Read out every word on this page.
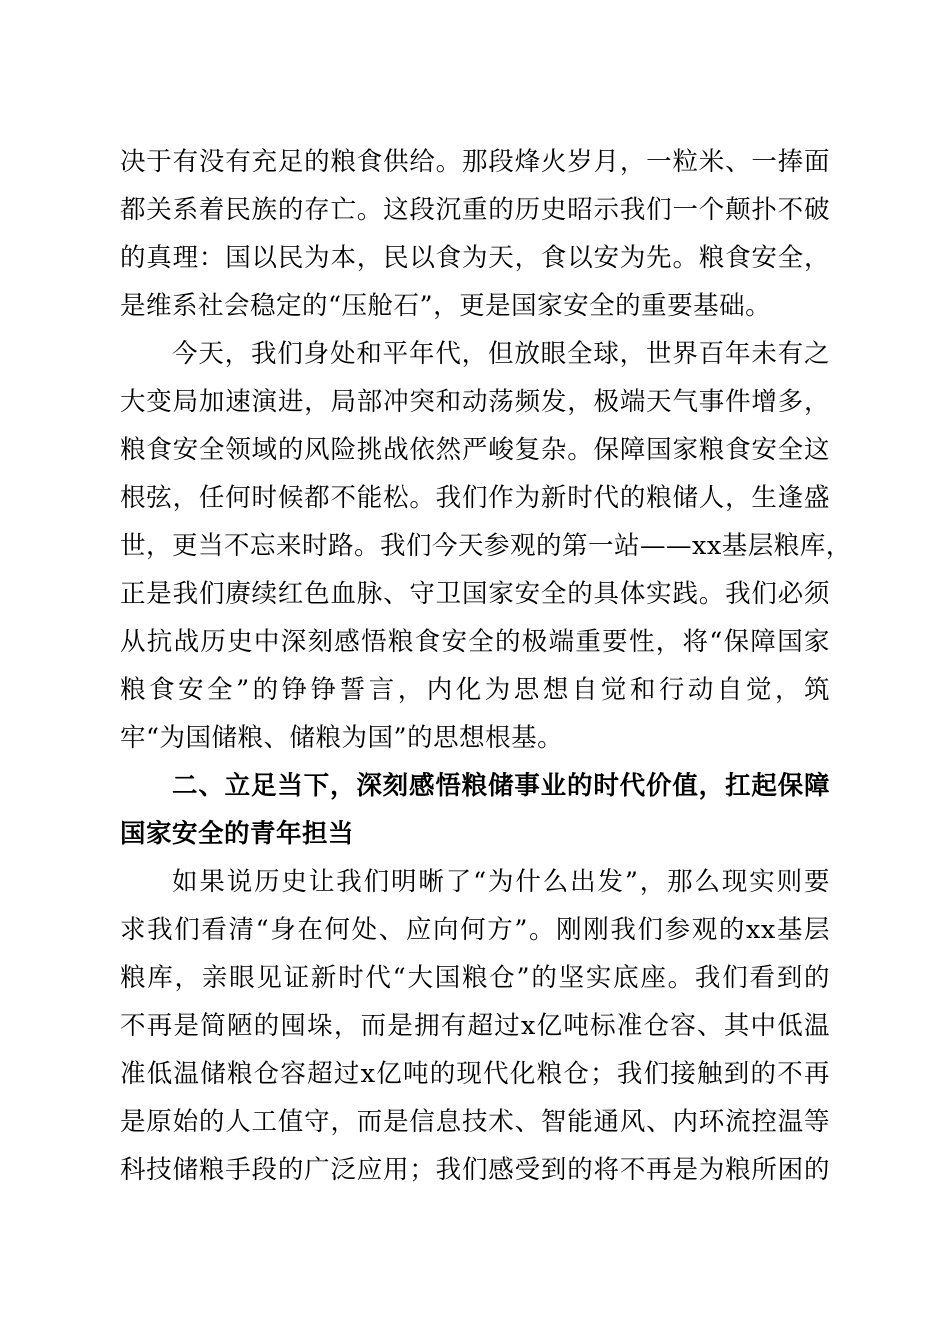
决于有没有充足的粮食供给。那段烽火岁月，一粒米、一捧面
都关系着民族的存亡。这段沉重的历史昭示我们一个颠扑不破
的真理：国以民为本，民以食为天，食以安为先。粮食安全，
是维系社会稳定的“压舱石”，更是国家安全的重要基础。
今天，我们身处和平年代，但放眼全球，世界百年未有之
大变局加速演进，局部冲突和动荡频发，极端天气事件增多，
粮食安全领域的风险挑战依然严峻复杂。保障国家粮食安全这
根弦，任何时候都不能松。我们作为新时代的粮储人，生逢盛
世，更当不忘来时路。我们今天参观的第一站——xx基层粮库，
正是我们赓续红色血脉、守卫国家安全的具体实践。我们必须
从抗战历史中深刻感悟粮食安全的极端重要性，将“保障国家
粮食安全”的铮铮誓言，内化为思想自觉和行动自觉，筑
牢“为国储粮、储粮为国”的思想根基。
二、立足当下，深刻感悟粮储事业的时代价值，扛起保障
国家安全的青年担当
如果说历史让我们明晰了“为什么出发”，那么现实则要
求我们看清“身在何处、应向何方”。刚刚我们参观的xx基层
粮库，亲眼见证新时代“大国粮仓”的坚实底座。我们看到的
不再是简陋的囤垛，而是拥有超过x亿吨标准仓容、其中低温
准低温储粮仓容超过x亿吨的现代化粮仓；我们接触到的不再
是原始的人工值守，而是信息技术、智能通风、内环流控温等
科技储粮手段的广泛应用；我们感受到的将不再是为粮所困的
